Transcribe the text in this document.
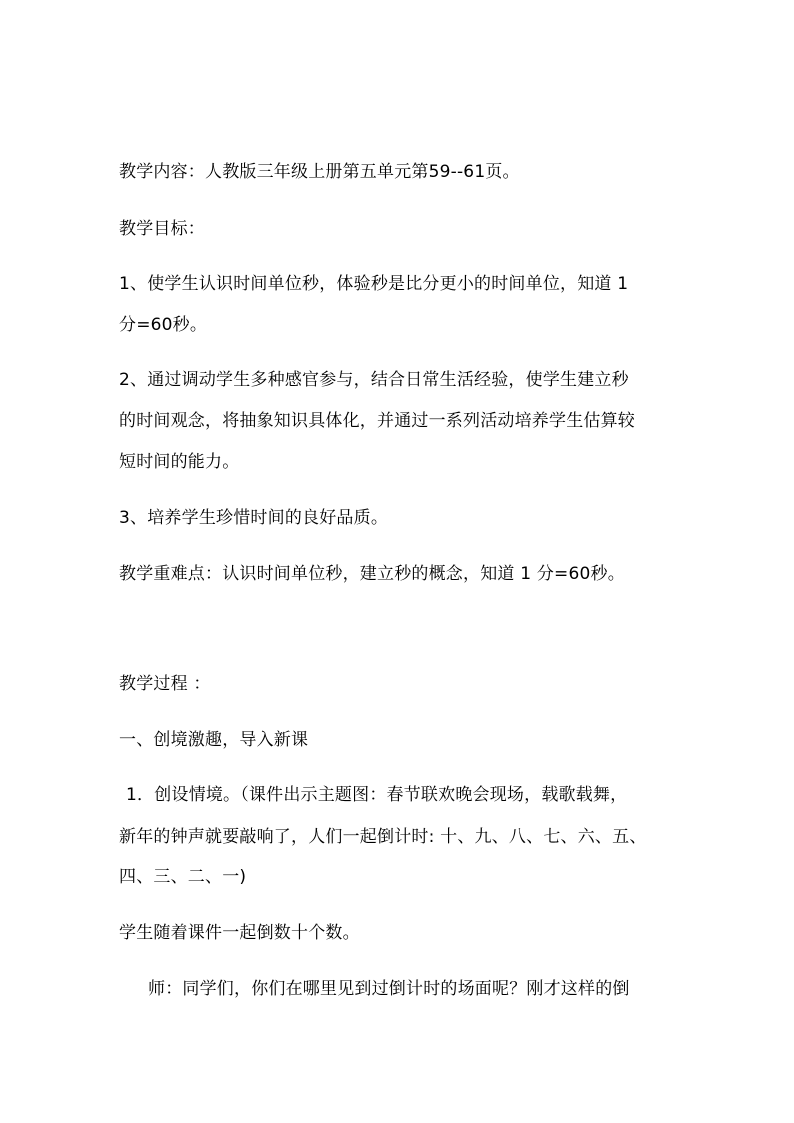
教学内容：人教版三年级上册第五单元第59--61页。
教学目标：
1、使学生认识时间单位秒，体验秒是比分更小的时间单位，知道 1
分=60秒。
2、通过调动学生多种感官参与，结合日常生活经验，使学生建立秒
的时间观念，将抽象知识具体化，并通过一系列活动培养学生估算较
短时间的能力。
3、培养学生珍惜时间的良好品质。
教学重难点：认识时间单位秒，建立秒的概念，知道 1 分=60秒。
教学过程 ：
一、创境激趣，导入新课
1．创设情境。（课件出示主题图：春节联欢晚会现场，载歌载舞，
新年的钟声就要敲响了，人们一起倒计时: 十、九、八、七、六、五、
四、三、二、一)
学生随着课件一起倒数十个数。
师：同学们，你们在哪里见到过倒计时的场面呢？刚才这样的倒
